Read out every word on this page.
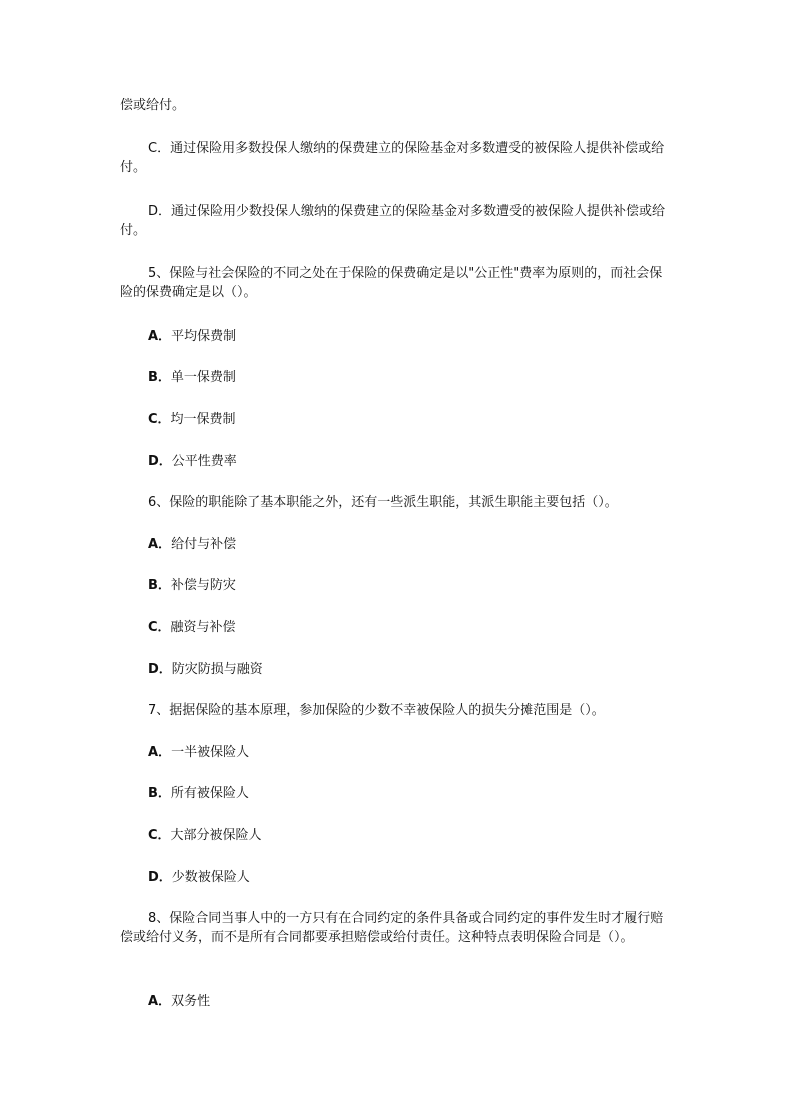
偿或给付。
C．通过保险用多数投保人缴纳的保费建立的保险基金对多数遭受的被保险人提供补偿或给付。
D．通过保险用少数投保人缴纳的保费建立的保险基金对多数遭受的被保险人提供补偿或给付。
5、保险与社会保险的不同之处在于保险的保费确定是以"公正性"费率为原则的，而社会保险的保费确定是以（）。
A．平均保费制
B．单一保费制
C．均一保费制
D．公平性费率
6、保险的职能除了基本职能之外，还有一些派生职能，其派生职能主要包括（）。
A．给付与补偿
B．补偿与防灾
C．融资与补偿
D．防灾防损与融资
7、据据保险的基本原理，参加保险的少数不幸被保险人的损失分摊范围是（）。
A．一半被保险人
B．所有被保险人
C．大部分被保险人
D．少数被保险人
8、保险合同当事人中的一方只有在合同约定的条件具备或合同约定的事件发生时才履行赔偿或给付义务，而不是所有合同都要承担赔偿或给付责任。这种特点表明保险合同是（）。
A．双务性
